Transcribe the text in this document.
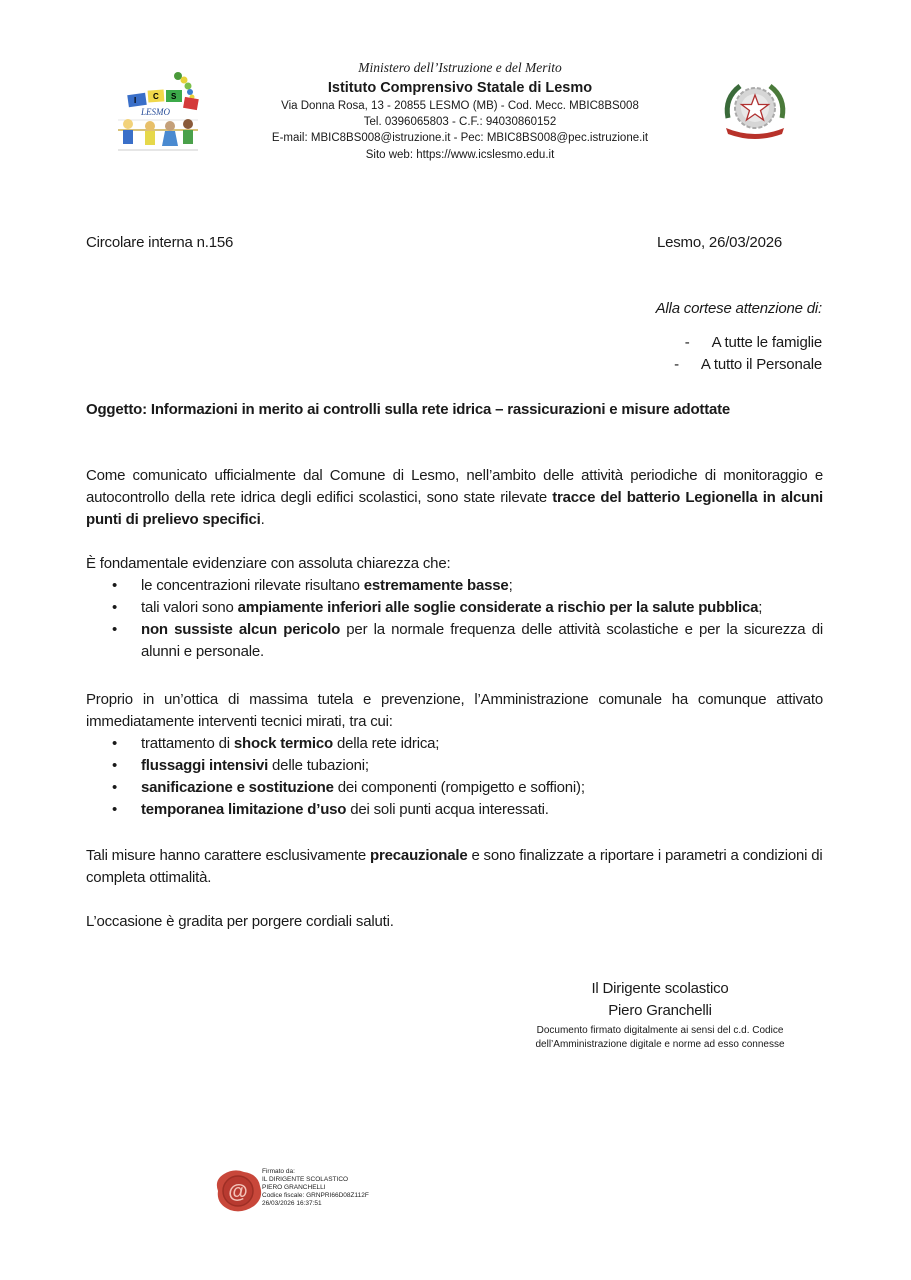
I C S
LESMO
Ministero dell’Istruzione e del Merito
Istituto Comprensivo Statale di Lesmo
Via Donna Rosa, 13 - 20855 LESMO (MB) - Cod. Mecc. MBIC8BS008
Tel. 0396065803 - C.F.: 94030860152
E-mail: MBIC8BS008@istruzione.it - Pec: MBIC8BS008@pec.istruzione.it
Sito web: https://www.icslesmo.edu.it
Circolare interna n.156	Lesmo, 26/03/2026
Alla cortese attenzione di:
- A tutte le famiglie
- A tutto il Personale
Oggetto: Informazioni in merito ai controlli sulla rete idrica – rassicurazioni e misure adottate
Come comunicato ufficialmente dal Comune di Lesmo, nell’ambito delle attività periodiche di monitoraggio e autocontrollo della rete idrica degli edifici scolastici, sono state rilevate tracce del batterio Legionella in alcuni punti di prelievo specifici.
È fondamentale evidenziare con assoluta chiarezza che:
• le concentrazioni rilevate risultano estremamente basse;
• tali valori sono ampiamente inferiori alle soglie considerate a rischio per la salute pubblica;
• non sussiste alcun pericolo per la normale frequenza delle attività scolastiche e per la sicurezza di alunni e personale.
Proprio in un’ottica di massima tutela e prevenzione, l’Amministrazione comunale ha comunque attivato immediatamente interventi tecnici mirati, tra cui:
• trattamento di shock termico della rete idrica;
• flussaggi intensivi delle tubazioni;
• sanificazione e sostituzione dei componenti (rompigetto e soffioni);
• temporanea limitazione d’uso dei soli punti acqua interessati.
Tali misure hanno carattere esclusivamente precauzionale e sono finalizzate a riportare i parametri a condizioni di completa ottimalità.
L’occasione è gradita per porgere cordiali saluti.
Il Dirigente scolastico
Piero Granchelli
Documento firmato digitalmente ai sensi del c.d. Codice
dell’Amministrazione digitale e norme ad esso connesse
@
Firmato da:
IL DIRIGENTE SCOLASTICO
PIERO GRANCHELLI
Codice fiscale: GRNPRI66D08Z112F
26/03/2026 16:37:51
